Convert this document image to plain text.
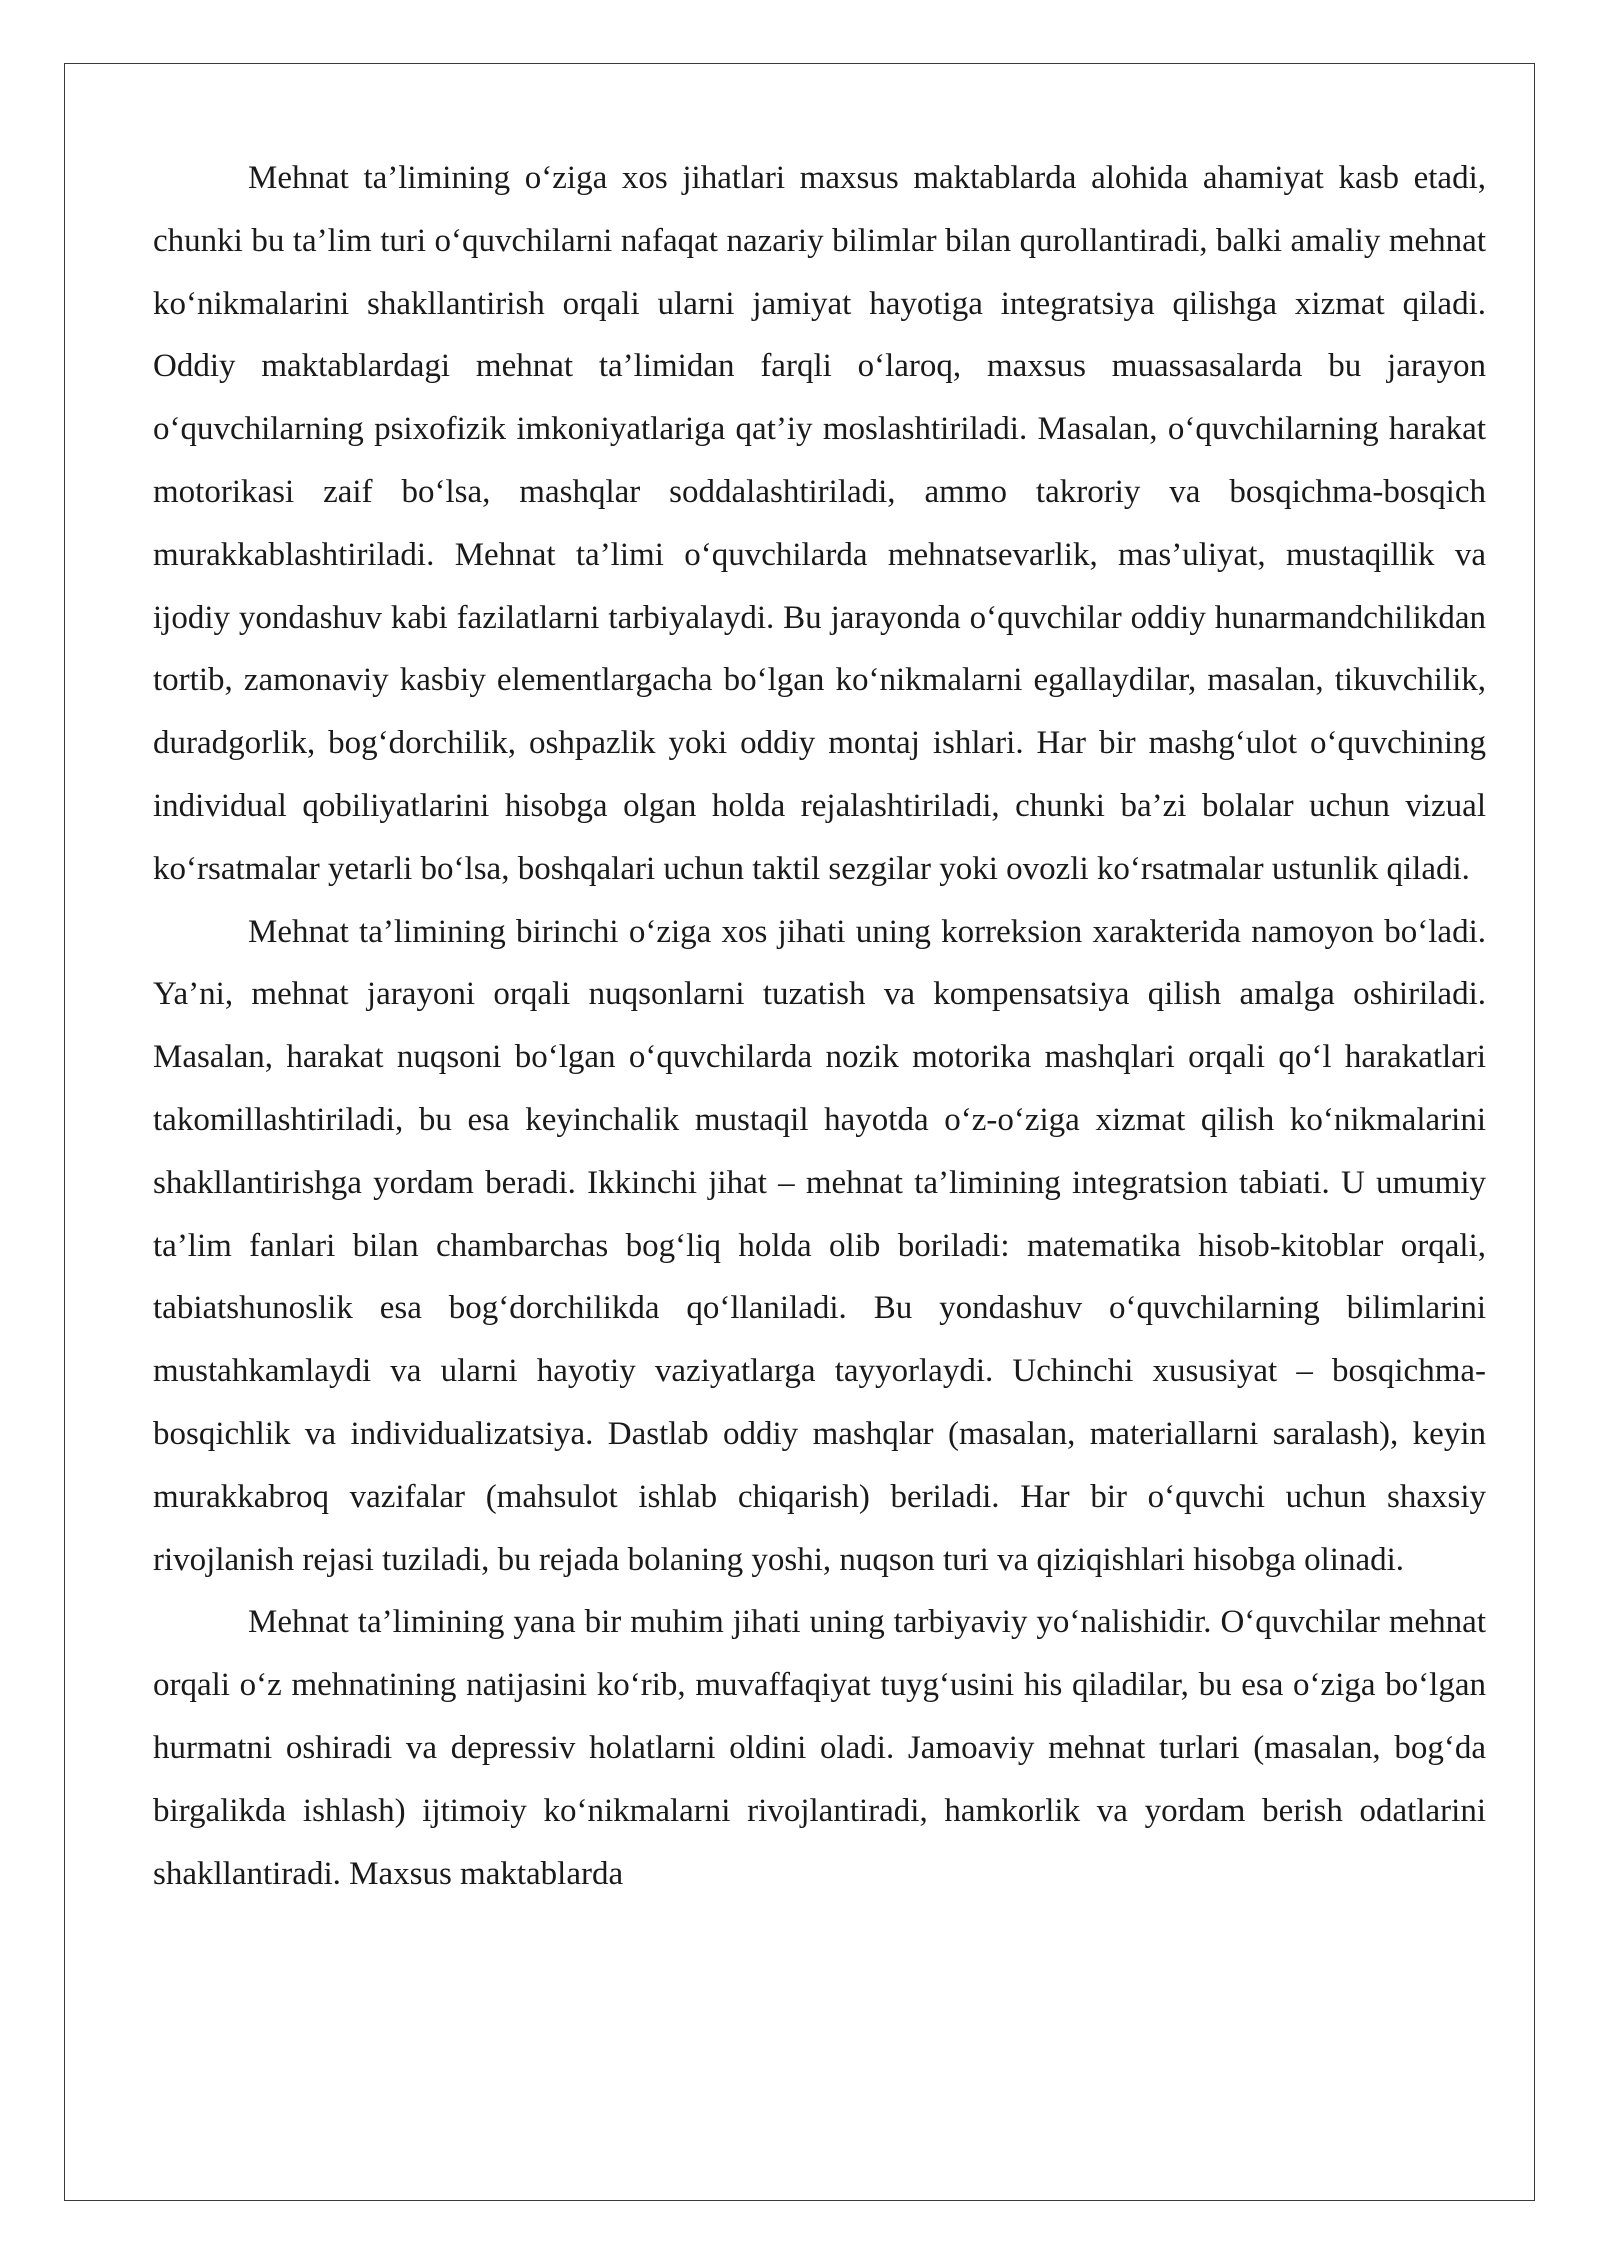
Mehnat ta’limining o‘ziga xos jihatlari maxsus maktablarda alohida ahamiyat kasb etadi, chunki bu ta’lim turi o‘quvchilarni nafaqat nazariy bilimlar bilan qurollantiradi, balki amaliy mehnat ko‘nikmalarini shakllantirish orqali ularni jamiyat hayotiga integratsiya qilishga xizmat qiladi. Oddiy maktablardagi mehnat ta’limidan farqli o‘laroq, maxsus muassasalarda bu jarayon o‘quvchilarning psixofizik imkoniyatlariga qat’iy moslashtiriladi. Masalan, o‘quvchilarning harakat motorikasi zaif bo‘lsa, mashqlar soddalashtiriladi, ammo takroriy va bosqichma-bosqich murakkablashtiriladi. Mehnat ta’limi o‘quvchilarda mehnatsevarlik, mas’uliyat, mustaqillik va ijodiy yondashuv kabi fazilatlarni tarbiyalaydi. Bu jarayonda o‘quvchilar oddiy hunarmandchilikdan tortib, zamonaviy kasbiy elementlargacha bo‘lgan ko‘nikmalarni egallaydilar, masalan, tikuvchilik, duradgorlik, bog‘dorchilik, oshpazlik yoki oddiy montaj ishlari. Har bir mashg‘ulot o‘quvchining individual qobiliyatlarini hisobga olgan holda rejalashtiriladi, chunki ba’zi bolalar uchun vizual ko‘rsatmalar yetarli bo‘lsa, boshqalari uchun taktil sezgilar yoki ovozli ko‘rsatmalar ustunlik qiladi.

Mehnat ta’limining birinchi o‘ziga xos jihati uning korreksion xarakterida namoyon bo‘ladi. Ya’ni, mehnat jarayoni orqali nuqsonlarni tuzatish va kompensatsiya qilish amalga oshiriladi. Masalan, harakat nuqsoni bo‘lgan o‘quvchilarda nozik motorika mashqlari orqali qo‘l harakatlari takomillashtiriladi, bu esa keyinchalik mustaqil hayotda o‘z-o‘ziga xizmat qilish ko‘nikmalarini shakllantirishga yordam beradi. Ikkinchi jihat – mehnat ta’limining integratsion tabiati. U umumiy ta’lim fanlari bilan chambarchas bog‘liq holda olib boriladi: matematika hisob-kitoblar orqali, tabiatshunoslik esa bog‘dorchilikda qo‘llaniladi. Bu yondashuv o‘quvchilarning bilimlarini mustahkamlaydi va ularni hayotiy vaziyatlarga tayyorlaydi. Uchinchi xususiyat – bosqichma-bosqichlik va individualizatsiya. Dastlab oddiy mashqlar (masalan, materiallarni saralash), keyin murakkabroq vazifalar (mahsulot ishlab chiqarish) beriladi. Har bir o‘quvchi uchun shaxsiy rivojlanish rejasi tuziladi, bu rejada bolaning yoshi, nuqson turi va qiziqishlari hisobga olinadi.

Mehnat ta’limining yana bir muhim jihati uning tarbiyaviy yo‘nalishidir. O‘quvchilar mehnat orqali o‘z mehnatining natijasini ko‘rib, muvaffaqiyat tuyg‘usini his qiladilar, bu esa o‘ziga bo‘lgan hurmatni oshiradi va depressiv holatlarni oldini oladi. Jamoaviy mehnat turlari (masalan, bog‘da birgalikda ishlash) ijtimoiy ko‘nikmalarni rivojlantiradi, hamkorlik va yordam berish odatlarini shakllantiradi. Maxsus maktablarda
